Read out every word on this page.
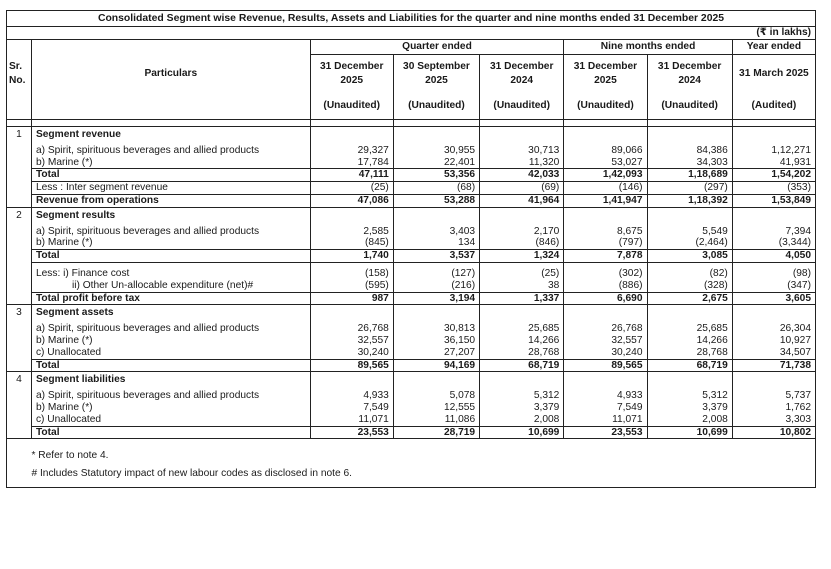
Consolidated Segment wise Revenue, Results, Assets and Liabilities for the quarter and nine months ended 31 December 2025							
(₹ in lakhs)							
		Quarter ended			Nine months ended		Year ended
Sr. No.	Particulars	31 December 2025	30 September 2025	31 December 2024	31 December 2025	31 December 2024	31 March 2025
		(Unaudited)	(Unaudited)	(Unaudited)	(Unaudited)	(Unaudited)	(Audited)

1	Segment revenue						
	a) Spirit, spirituous beverages and allied products	29,327	30,955	30,713	89,066	84,386	1,12,271
	b) Marine (*)	17,784	22,401	11,320	53,027	34,303	41,931
	Total	47,111	53,356	42,033	1,42,093	1,18,689	1,54,202
	Less : Inter segment revenue	(25)	(68)	(69)	(146)	(297)	(353)
	Revenue from operations	47,086	53,288	41,964	1,41,947	1,18,392	1,53,849
2	Segment results						
	a) Spirit, spirituous beverages and allied products	2,585	3,403	2,170	8,675	5,549	7,394
	b) Marine (*)	(845)	134	(846)	(797)	(2,464)	(3,344)
	Total	1,740	3,537	1,324	7,878	3,085	4,050
	Less: i) Finance cost	(158)	(127)	(25)	(302)	(82)	(98)
	ii) Other Un-allocable expenditure (net)#	(595)	(216)	38	(886)	(328)	(347)
	Total profit before tax	987	3,194	1,337	6,690	2,675	3,605
3	Segment assets						
	a) Spirit, spirituous beverages and allied products	26,768	30,813	25,685	26,768	25,685	26,304
	b) Marine (*)	32,557	36,150	14,266	32,557	14,266	10,927
	c) Unallocated	30,240	27,207	28,768	30,240	28,768	34,507
	Total	89,565	94,169	68,719	89,565	68,719	71,738
4	Segment liabilities						
	a) Spirit, spirituous beverages and allied products	4,933	5,078	5,312	4,933	5,312	5,737
	b) Marine (*)	7,549	12,555	3,379	7,549	3,379	1,762
	c) Unallocated	11,071	11,086	2,008	11,071	2,008	3,303
	Total	23,553	28,719	10,699	23,553	10,699	10,802

	* Refer to note 4.
# Includes Statutory impact of new labour codes as disclosed in note 6.						
